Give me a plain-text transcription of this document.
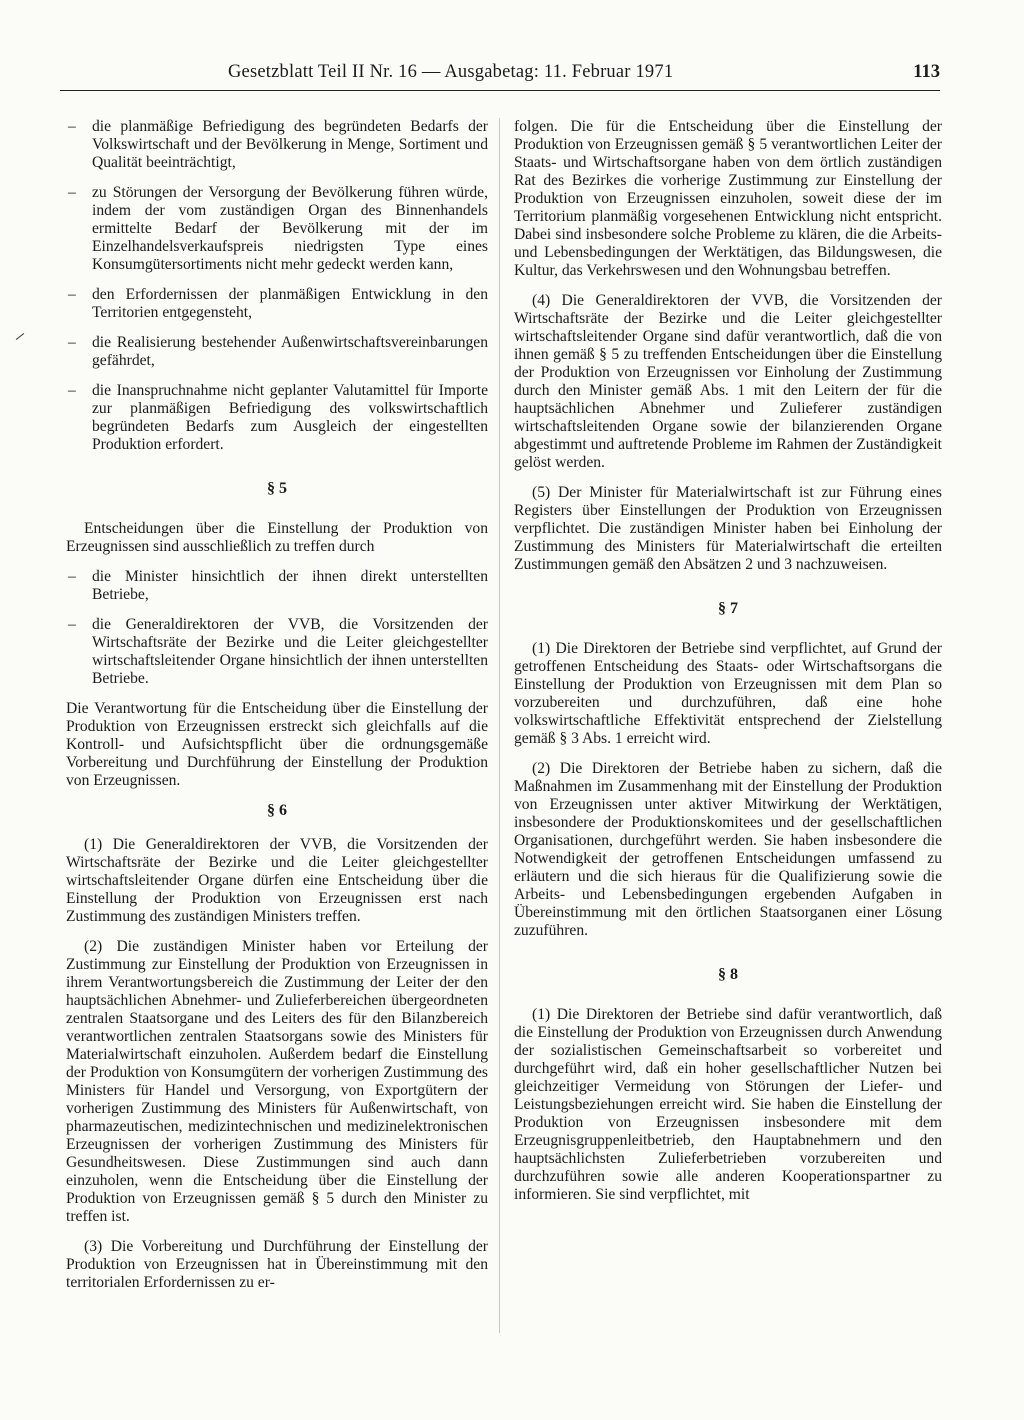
Gesetzblatt Teil II Nr. 16 — Ausgabetag: 11. Februar 1971	113

– die planmäßige Befriedigung des begründeten Bedarfs der Volkswirtschaft und der Bevölkerung in Menge, Sortiment und Qualität beeinträchtigt,

– zu Störungen der Versorgung der Bevölkerung führen würde, indem der vom zuständigen Organ des Binnenhandels ermittelte Bedarf der Bevölkerung mit der im Einzelhandelsverkaufspreis niedrigsten Type eines Konsumgütersortiments nicht mehr gedeckt werden kann,

– den Erfordernissen der planmäßigen Entwicklung in den Territorien entgegensteht,

– die Realisierung bestehender Außenwirtschaftsvereinbarungen gefährdet,

– die Inanspruchnahme nicht geplanter Valutamittel für Importe zur planmäßigen Befriedigung des volkswirtschaftlich begründeten Bedarfs zum Ausgleich der eingestellten Produktion erfordert.

§ 5

Entscheidungen über die Einstellung der Produktion von Erzeugnissen sind ausschließlich zu treffen durch

– die Minister hinsichtlich der ihnen direkt unterstellten Betriebe,

– die Generaldirektoren der VVB, die Vorsitzenden der Wirtschaftsräte der Bezirke und die Leiter gleichgestellter wirtschaftsleitender Organe hinsichtlich der ihnen unterstellten Betriebe.

Die Verantwortung für die Entscheidung über die Einstellung der Produktion von Erzeugnissen erstreckt sich gleichfalls auf die Kontroll- und Aufsichtspflicht über die ordnungsgemäße Vorbereitung und Durchführung der Einstellung der Produktion von Erzeugnissen.

§ 6

(1) Die Generaldirektoren der VVB, die Vorsitzenden der Wirtschaftsräte der Bezirke und die Leiter gleichgestellter wirtschaftsleitender Organe dürfen eine Entscheidung über die Einstellung der Produktion von Erzeugnissen erst nach Zustimmung des zuständigen Ministers treffen.

(2) Die zuständigen Minister haben vor Erteilung der Zustimmung zur Einstellung der Produktion von Erzeugnissen in ihrem Verantwortungsbereich die Zustimmung der Leiter der den hauptsächlichen Abnehmer- und Zulieferbereichen übergeordneten zentralen Staatsorgane und des Leiters des für den Bilanzbereich verantwortlichen zentralen Staatsorgans sowie des Ministers für Materialwirtschaft einzuholen. Außerdem bedarf die Einstellung der Produktion von Konsumgütern der vorherigen Zustimmung des Ministers für Handel und Versorgung, von Exportgütern der vorherigen Zustimmung des Ministers für Außenwirtschaft, von pharmazeutischen, medizintechnischen und medizinelektronischen Erzeugnissen der vorherigen Zustimmung des Ministers für Gesundheitswesen. Diese Zustimmungen sind auch dann einzuholen, wenn die Entscheidung über die Einstellung der Produktion von Erzeugnissen gemäß § 5 durch den Minister zu treffen ist.

(3) Die Vorbereitung und Durchführung der Einstellung der Produktion von Erzeugnissen hat in Übereinstimmung mit den territorialen Erfordernissen zu er-

folgen. Die für die Entscheidung über die Einstellung der Produktion von Erzeugnissen gemäß § 5 verantwortlichen Leiter der Staats- und Wirtschaftsorgane haben von dem örtlich zuständigen Rat des Bezirkes die vorherige Zustimmung zur Einstellung der Produktion von Erzeugnissen einzuholen, soweit diese der im Territorium planmäßig vorgesehenen Entwicklung nicht entspricht. Dabei sind insbesondere solche Probleme zu klären, die die Arbeits- und Lebensbedingungen der Werktätigen, das Bildungswesen, die Kultur, das Verkehrswesen und den Wohnungsbau betreffen.

(4) Die Generaldirektoren der VVB, die Vorsitzenden der Wirtschaftsräte der Bezirke und die Leiter gleichgestellter wirtschaftsleitender Organe sind dafür verantwortlich, daß die von ihnen gemäß § 5 zu treffenden Entscheidungen über die Einstellung der Produktion von Erzeugnissen vor Einholung der Zustimmung durch den Minister gemäß Abs. 1 mit den Leitern der für die hauptsächlichen Abnehmer und Zulieferer zuständigen wirtschaftsleitenden Organe sowie der bilanzierenden Organe abgestimmt und auftretende Probleme im Rahmen der Zuständigkeit gelöst werden.

(5) Der Minister für Materialwirtschaft ist zur Führung eines Registers über Einstellungen der Produktion von Erzeugnissen verpflichtet. Die zuständigen Minister haben bei Einholung der Zustimmung des Ministers für Materialwirtschaft die erteilten Zustimmungen gemäß den Absätzen 2 und 3 nachzuweisen.

§ 7

(1) Die Direktoren der Betriebe sind verpflichtet, auf Grund der getroffenen Entscheidung des Staats- oder Wirtschaftsorgans die Einstellung der Produktion von Erzeugnissen mit dem Plan so vorzubereiten und durchzuführen, daß eine hohe volkswirtschaftliche Effektivität entsprechend der Zielstellung gemäß § 3 Abs. 1 erreicht wird.

(2) Die Direktoren der Betriebe haben zu sichern, daß die Maßnahmen im Zusammenhang mit der Einstellung der Produktion von Erzeugnissen unter aktiver Mitwirkung der Werktätigen, insbesondere der Produktionskomitees und der gesellschaftlichen Organisationen, durchgeführt werden. Sie haben insbesondere die Notwendigkeit der getroffenen Entscheidungen umfassend zu erläutern und die sich hieraus für die Qualifizierung sowie die Arbeits- und Lebensbedingungen ergebenden Aufgaben in Übereinstimmung mit den örtlichen Staatsorganen einer Lösung zuzuführen.

§ 8

(1) Die Direktoren der Betriebe sind dafür verantwortlich, daß die Einstellung der Produktion von Erzeugnissen durch Anwendung der sozialistischen Gemeinschaftsarbeit so vorbereitet und durchgeführt wird, daß ein hoher gesellschaftlicher Nutzen bei gleichzeitiger Vermeidung von Störungen der Liefer- und Leistungsbeziehungen erreicht wird. Sie haben die Einstellung der Produktion von Erzeugnissen insbesondere mit dem Erzeugnisgruppenleitbetrieb, den Hauptabnehmern und den hauptsächlichsten Zulieferbetrieben vorzubereiten und durchzuführen sowie alle anderen Kooperationspartner zu informieren. Sie sind verpflichtet, mit
